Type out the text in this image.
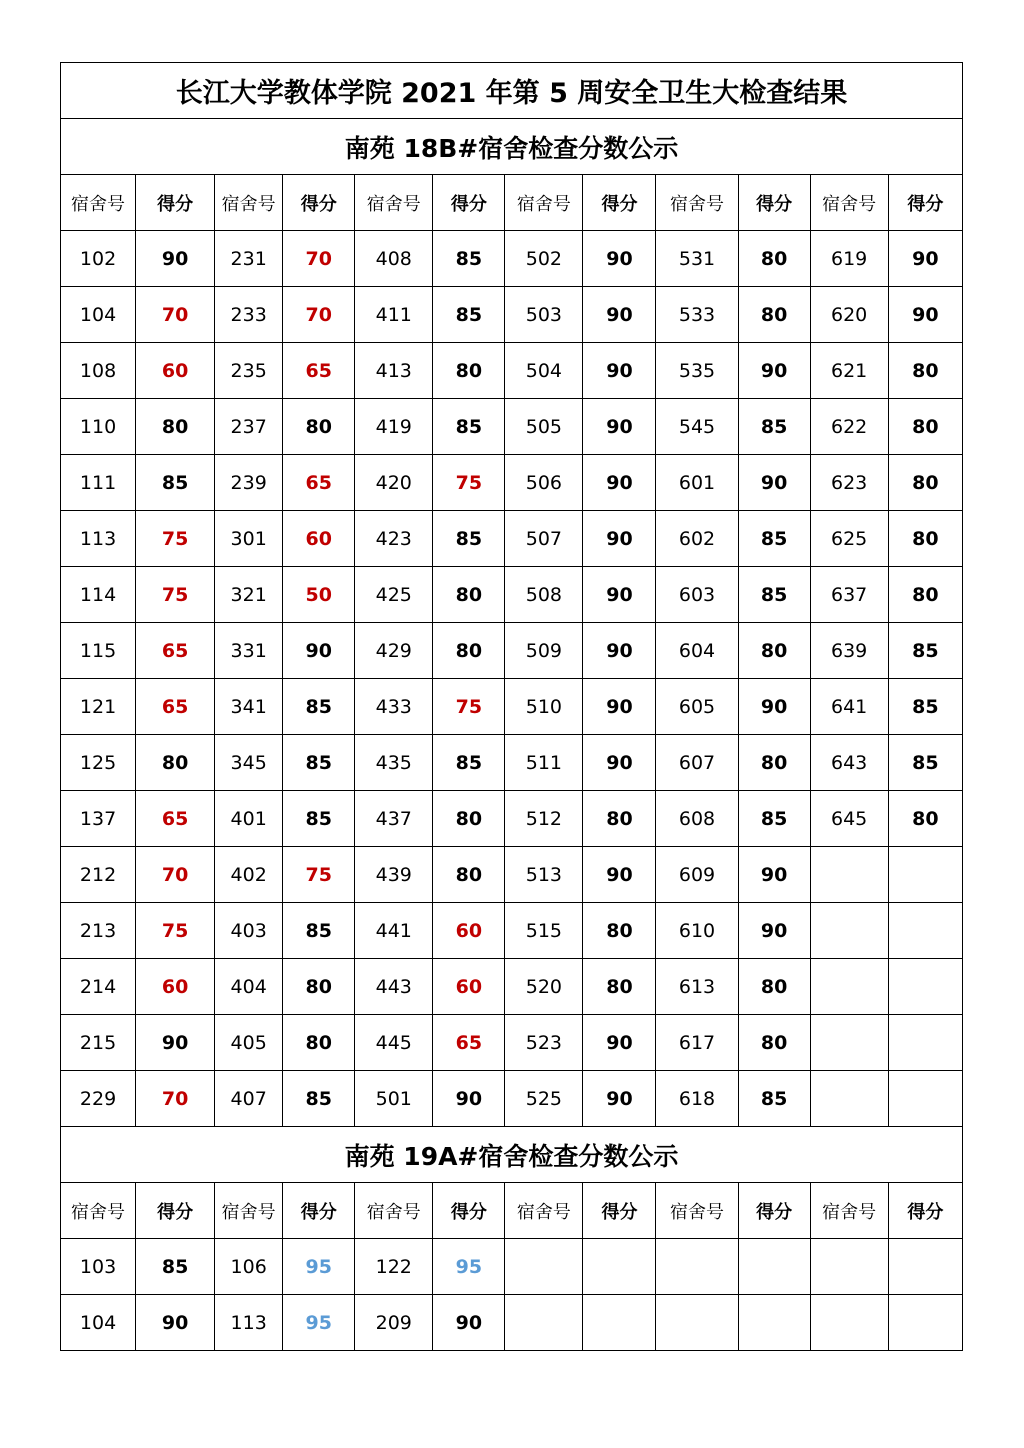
长江大学教体学院 2021 年第 5 周安全卫生大检查结果											
南苑 18B#宿舍检查分数公示											
宿舍号	得分	宿舍号	得分	宿舍号	得分	宿舍号	得分	宿舍号	得分	宿舍号	得分
102	90	231	70	408	85	502	90	531	80	619	90
104	70	233	70	411	85	503	90	533	80	620	90
108	60	235	65	413	80	504	90	535	90	621	80
110	80	237	80	419	85	505	90	545	85	622	80
111	85	239	65	420	75	506	90	601	90	623	80
113	75	301	60	423	85	507	90	602	85	625	80
114	75	321	50	425	80	508	90	603	85	637	80
115	65	331	90	429	80	509	90	604	80	639	85
121	65	341	85	433	75	510	90	605	90	641	85
125	80	345	85	435	85	511	90	607	80	643	85
137	65	401	85	437	80	512	80	608	85	645	80
212	70	402	75	439	80	513	90	609	90		
213	75	403	85	441	60	515	80	610	90		
214	60	404	80	443	60	520	80	613	80		
215	90	405	80	445	65	523	90	617	80		
229	70	407	85	501	90	525	90	618	85		
南苑 19A#宿舍检查分数公示											
宿舍号	得分	宿舍号	得分	宿舍号	得分	宿舍号	得分	宿舍号	得分	宿舍号	得分
103	85	106	95	122	95						
104	90	113	95	209	90						
